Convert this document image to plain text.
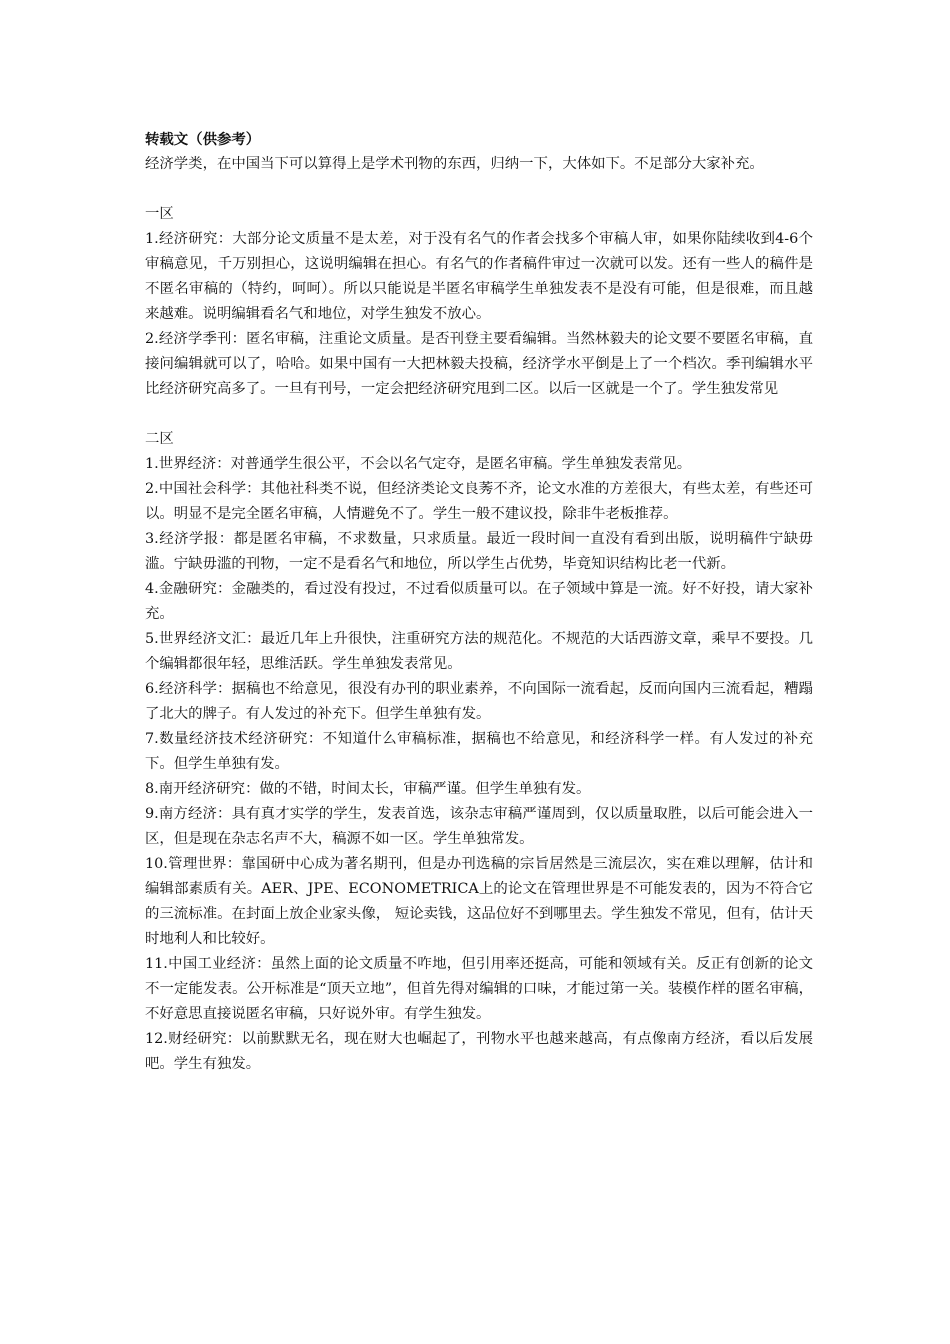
转载文（供参考）

经济学类，在中国当下可以算得上是学术刊物的东西，归纳一下，大体如下。不足部分大家补充。

一区

1.经济研究：大部分论文质量不是太差，对于没有名气的作者会找多个审稿人审，如果你陆续收到4-6个审稿意见，千万别担心，这说明编辑在担心。有名气的作者稿件审过一次就可以发。还有一些人的稿件是不匿名审稿的（特约，呵呵）。所以只能说是半匿名审稿学生单独发表不是没有可能，但是很难，而且越来越难。说明编辑看名气和地位，对学生独发不放心。

2.经济学季刊：匿名审稿，注重论文质量。是否刊登主要看编辑。当然林毅夫的论文要不要匿名审稿，直接问编辑就可以了，哈哈。如果中国有一大把林毅夫投稿，经济学水平倒是上了一个档次。季刊编辑水平比经济研究高多了。一旦有刊号，一定会把经济研究甩到二区。以后一区就是一个了。学生独发常见

二区

1.世界经济：对普通学生很公平，不会以名气定夺，是匿名审稿。学生单独发表常见。

2.中国社会科学：其他社科类不说，但经济类论文良莠不齐，论文水准的方差很大，有些太差，有些还可以。明显不是完全匿名审稿，人情避免不了。学生一般不建议投，除非牛老板推荐。

3.经济学报：都是匿名审稿，不求数量，只求质量。最近一段时间一直没有看到出版，说明稿件宁缺毋滥。宁缺毋滥的刊物，一定不是看名气和地位，所以学生占优势，毕竟知识结构比老一代新。

4.金融研究：金融类的，看过没有投过，不过看似质量可以。在子领域中算是一流。好不好投，请大家补充。

5.世界经济文汇：最近几年上升很快，注重研究方法的规范化。不规范的大话西游文章，乘早不要投。几个编辑都很年轻，思维活跃。学生单独发表常见。

6.经济科学：据稿也不给意见，很没有办刊的职业素养，不向国际一流看起，反而向国内三流看起，糟蹋了北大的牌子。有人发过的补充下。但学生单独有发。

7.数量经济技术经济研究：不知道什么审稿标准，据稿也不给意见，和经济科学一样。有人发过的补充下。但学生单独有发。

8.南开经济研究：做的不错，时间太长，审稿严谨。但学生单独有发。

9.南方经济：具有真才实学的学生，发表首选，该杂志审稿严谨周到，仅以质量取胜，以后可能会进入一区，但是现在杂志名声不大，稿源不如一区。学生单独常发。

10.管理世界：靠国研中心成为著名期刊，但是办刊选稿的宗旨居然是三流层次，实在难以理解，估计和编辑部素质有关。AER、JPE、ECONOMETRICA上的论文在管理世界是不可能发表的，因为不符合它的三流标准。在封面上放企业家头像， 短论卖钱，这品位好不到哪里去。学生独发不常见，但有，估计天时地利人和比较好。

11.中国工业经济：虽然上面的论文质量不咋地，但引用率还挺高，可能和领域有关。反正有创新的论文不一定能发表。公开标准是“顶天立地”，但首先得对编辑的口味，才能过第一关。装模作样的匿名审稿，不好意思直接说匿名审稿，只好说外审。有学生独发。

12.财经研究：以前默默无名，现在财大也崛起了，刊物水平也越来越高，有点像南方经济，看以后发展吧。学生有独发。
